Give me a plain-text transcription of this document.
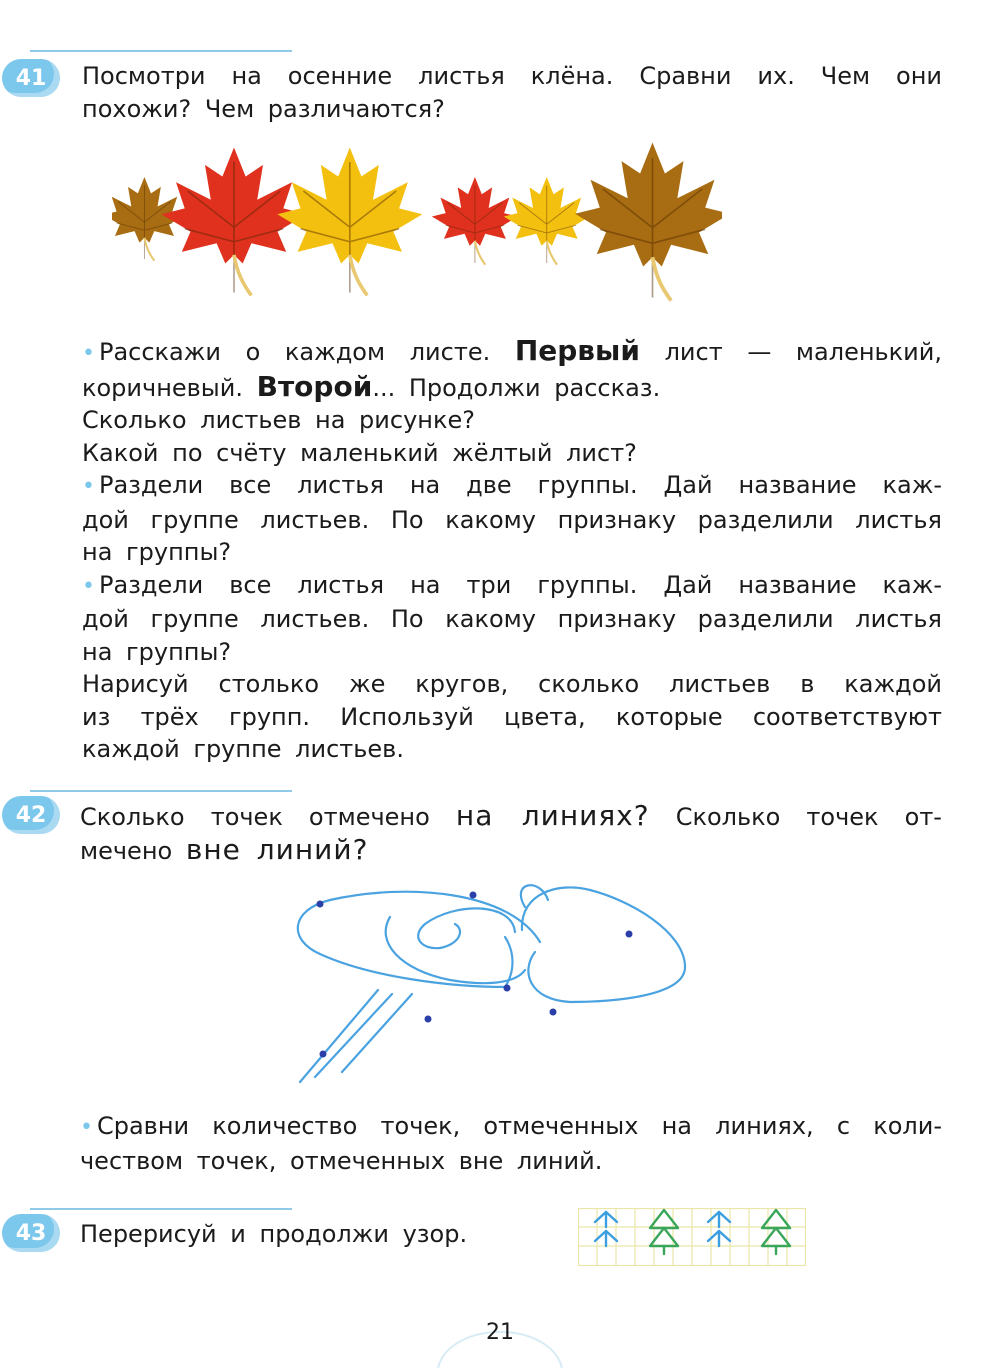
41	Посмотри на осенние листья клёна. Сравни их. Чем они
похожи? Чем различаются?
• Расскажи о каждом листе. Первый лист — маленький,
коричневый. Второй... Продолжи рассказ.
Сколько листьев на рисунке?
Какой по счёту маленький жёлтый лист?
• Раздели все листья на две группы. Дай название каж-
дой группе листьев. По какому признаку разделили листья
на группы?
• Раздели все листья на три группы. Дай название каж-
дой группе листьев. По какому признаку разделили листья
на группы?
Нарисуй столько же кругов, сколько листьев в каждой
из трёх групп. Используй цвета, которые соответствуют
каждой группе листьев.
42	Сколько точек отмечено на линиях? Сколько точек от-
мечено вне линий?
• Сравни количество точек, отмеченных на линиях, с коли-
чеством точек, отмеченных вне линий.
43	Перерисуй и продолжи узор.
21
